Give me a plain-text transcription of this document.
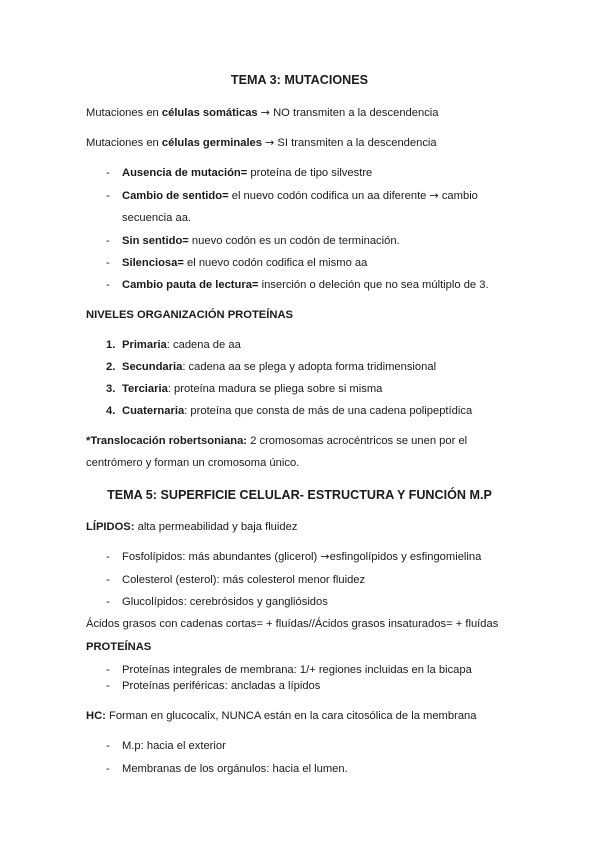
TEMA 3: MUTACIONES
Mutaciones en células somáticas → NO transmiten a la descendencia
Mutaciones en células germinales → SI transmiten a la descendencia
- Ausencia de mutación= proteína de tipo silvestre
- Cambio de sentido= el nuevo codón codifica un aa diferente → cambio
secuencia aa.
- Sin sentido= nuevo codón es un codón de terminación.
- Silenciosa= el nuevo codón codifica el mismo aa
- Cambio pauta de lectura= inserción o deleción que no sea múltiplo de 3.
NIVELES ORGANIZACIÓN PROTEÍNAS
1. Primaria: cadena de aa
2. Secundaria: cadena aa se plega y adopta forma tridimensional
3. Terciaria: proteína madura se pliega sobre si misma
4. Cuaternaria: proteína que consta de más de una cadena polipeptídica
*Translocación robertsoniana: 2 cromosomas acrocéntricos se unen por el
centrómero y forman un cromosoma único.
TEMA 5: SUPERFICIE CELULAR- ESTRUCTURA Y FUNCIÓN M.P
LÍPIDOS: alta permeabilidad y baja fluidez
- Fosfolípidos: más abundantes (glicerol) →esfingolípidos y esfingomielina
- Colesterol (esterol): más colesterol menor fluidez
- Glucolípidos: cerebrósidos y gangliósidos
Ácidos grasos con cadenas cortas= + fluídas//Ácidos grasos insaturados= + fluídas
PROTEÍNAS
- Proteínas integrales de membrana: 1/+ regiones incluidas en la bicapa
- Proteínas periféricas: ancladas a lípidos
HC: Forman en glucocalix, NUNCA están en la cara citosólica de la membrana
- M.p: hacia el exterior
- Membranas de los orgánulos: hacia el lumen.
